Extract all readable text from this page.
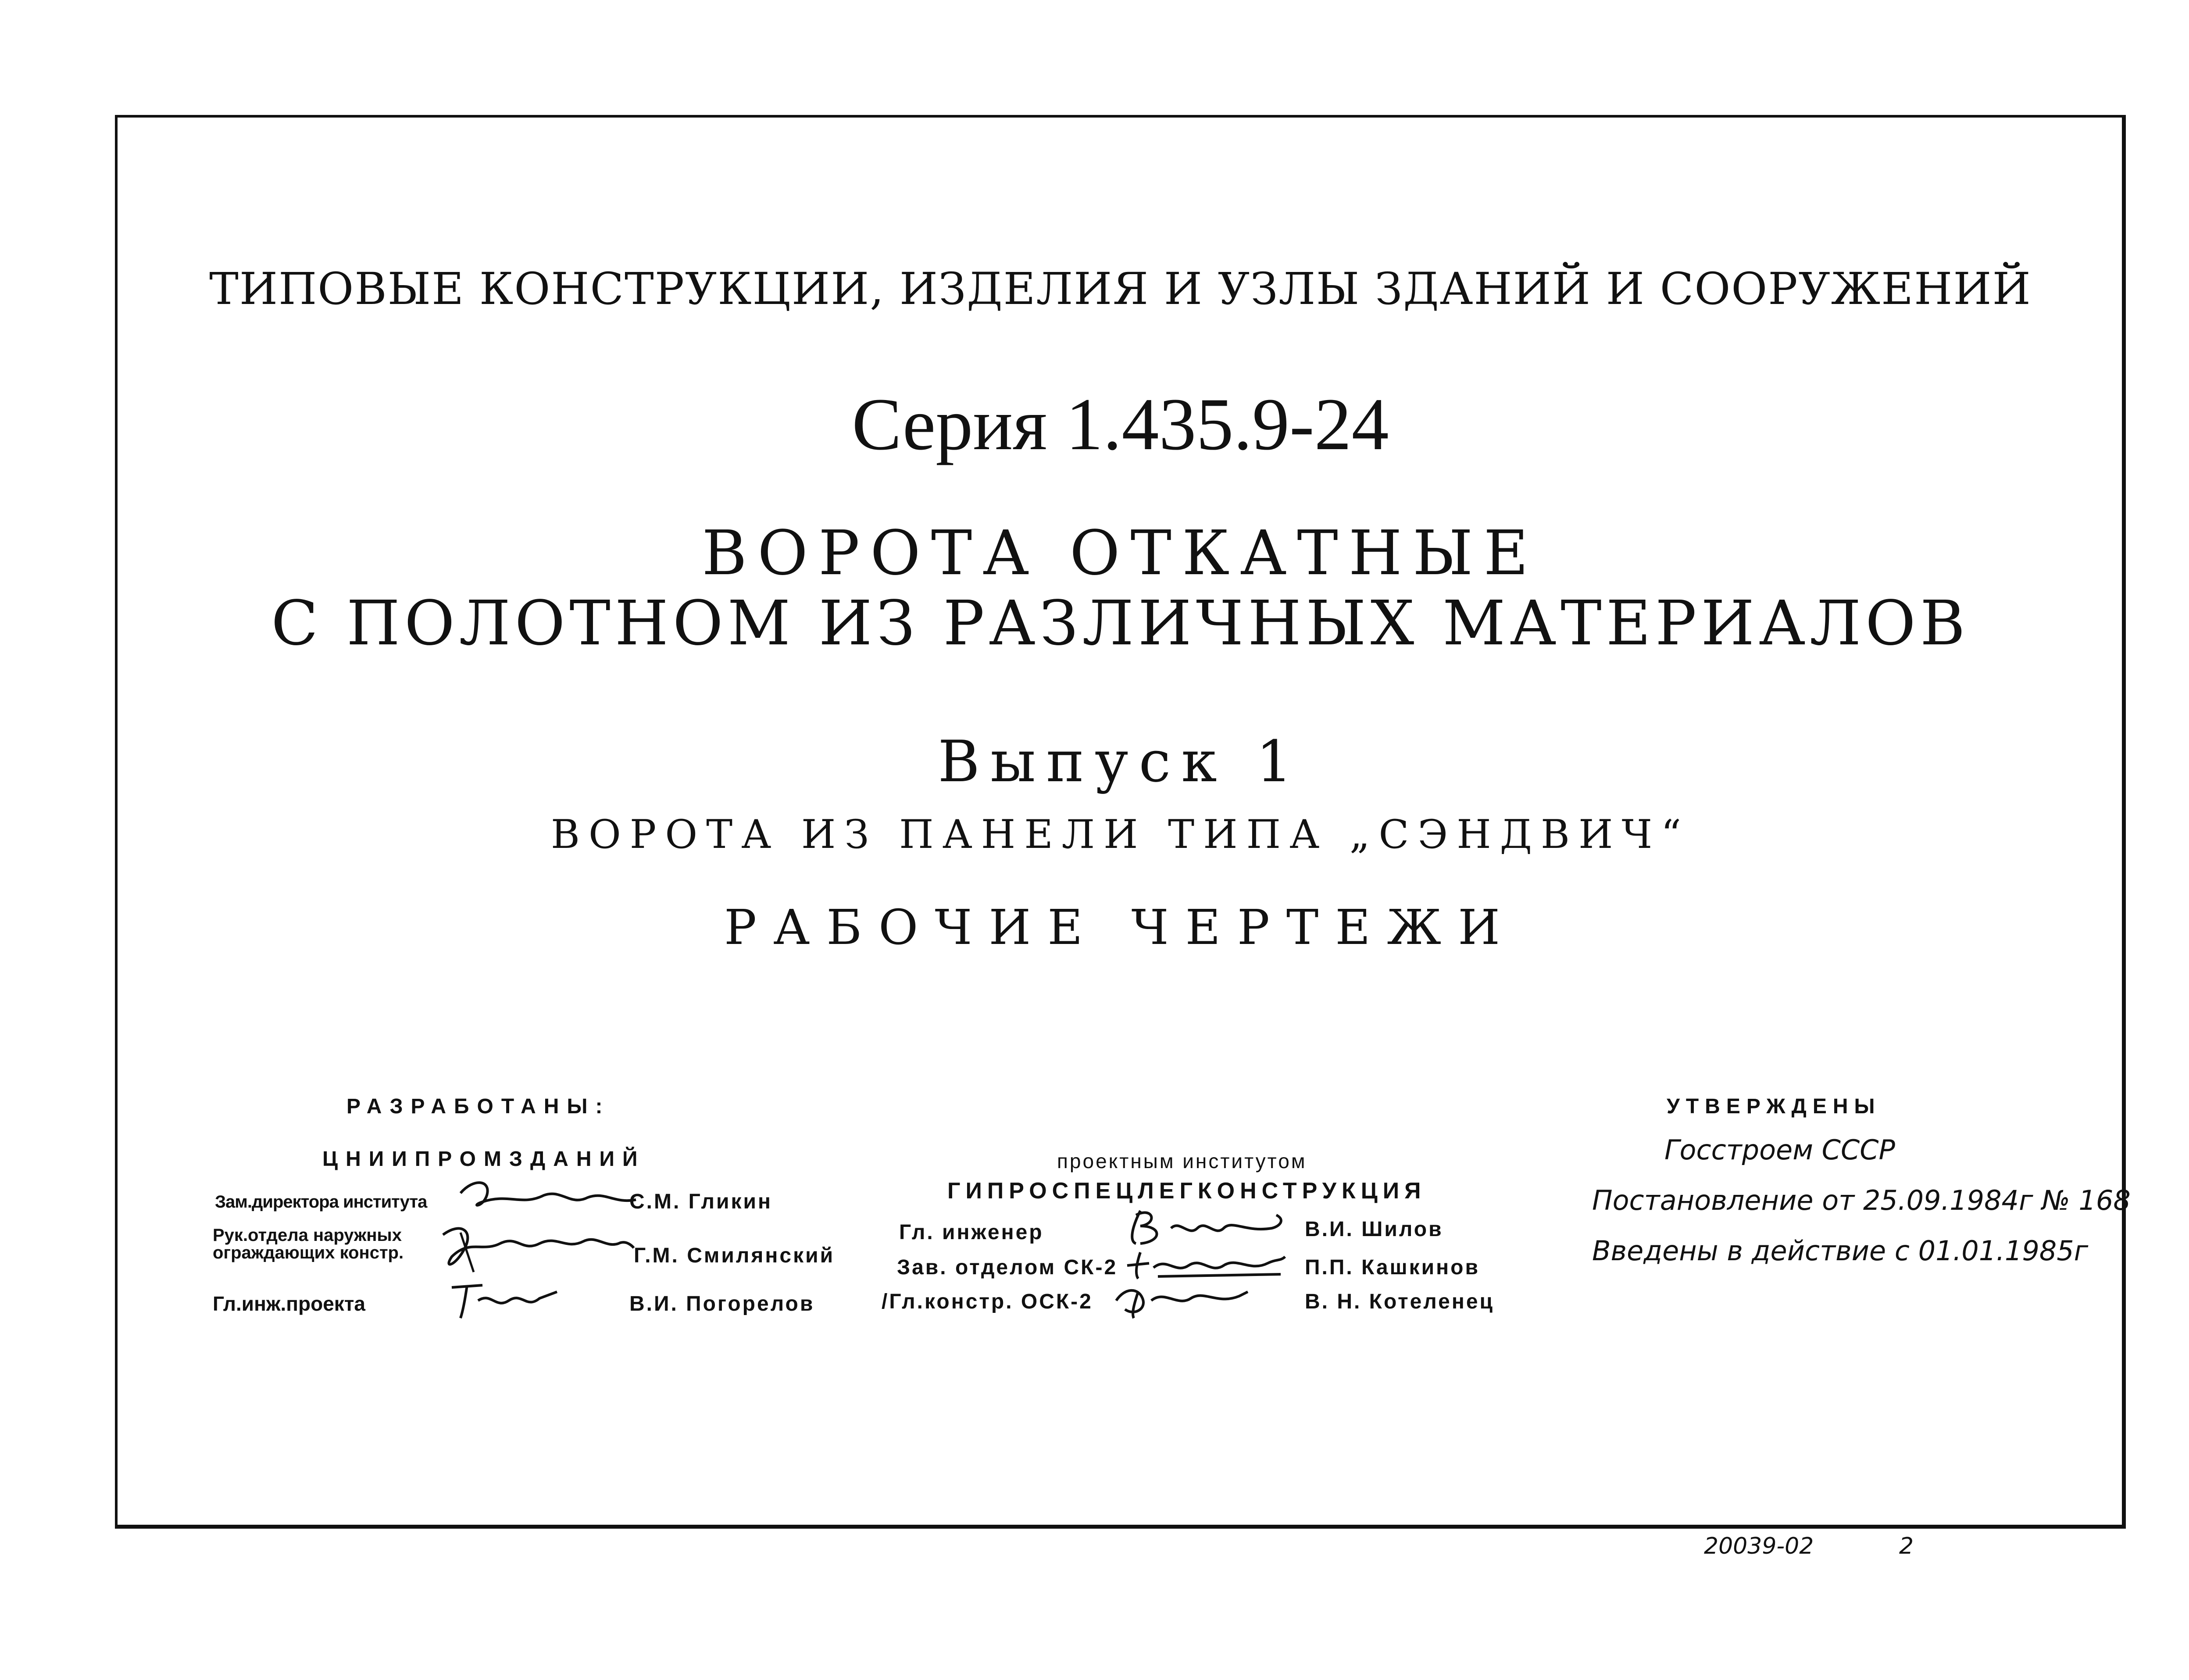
ТИПОВЫЕ КОНСТРУКЦИИ, ИЗДЕЛИЯ И УЗЛЫ ЗДАНИЙ И СООРУЖЕНИЙ
Серия 1.435.9-24
ВОРОТА ОТКАТНЫЕ
С ПОЛОТНОМ ИЗ РАЗЛИЧНЫХ МАТЕРИАЛОВ
Выпуск 1
ВОРОТА ИЗ ПАНЕЛИ ТИПА „СЭНДВИЧ“
РАБОЧИЕ ЧЕРТЕЖИ
РАЗРАБОТАНЫ:
ЦНИИПРОМЗДАНИЙ
Зам.директора института	С.М. Гликин
Рук.отдела наружных
ограждающих констр.	Г.М. Смилянский
Гл.инж.проекта	В.И. Погорелов
проектным институтом
ГИПРОСПЕЦЛЕГКОНСТРУКЦИЯ
Гл. инженер	В.И. Шилов
Зав. отделом СК-2	П.П. Кашкинов
/Гл.констр. ОСК-2	В. Н. Котеленец
УТВЕРЖДЕНЫ
Госстроем СССР
Постановление от 25.09.1984г № 168
Введены в действие с 01.01.1985г
20039-02	2
